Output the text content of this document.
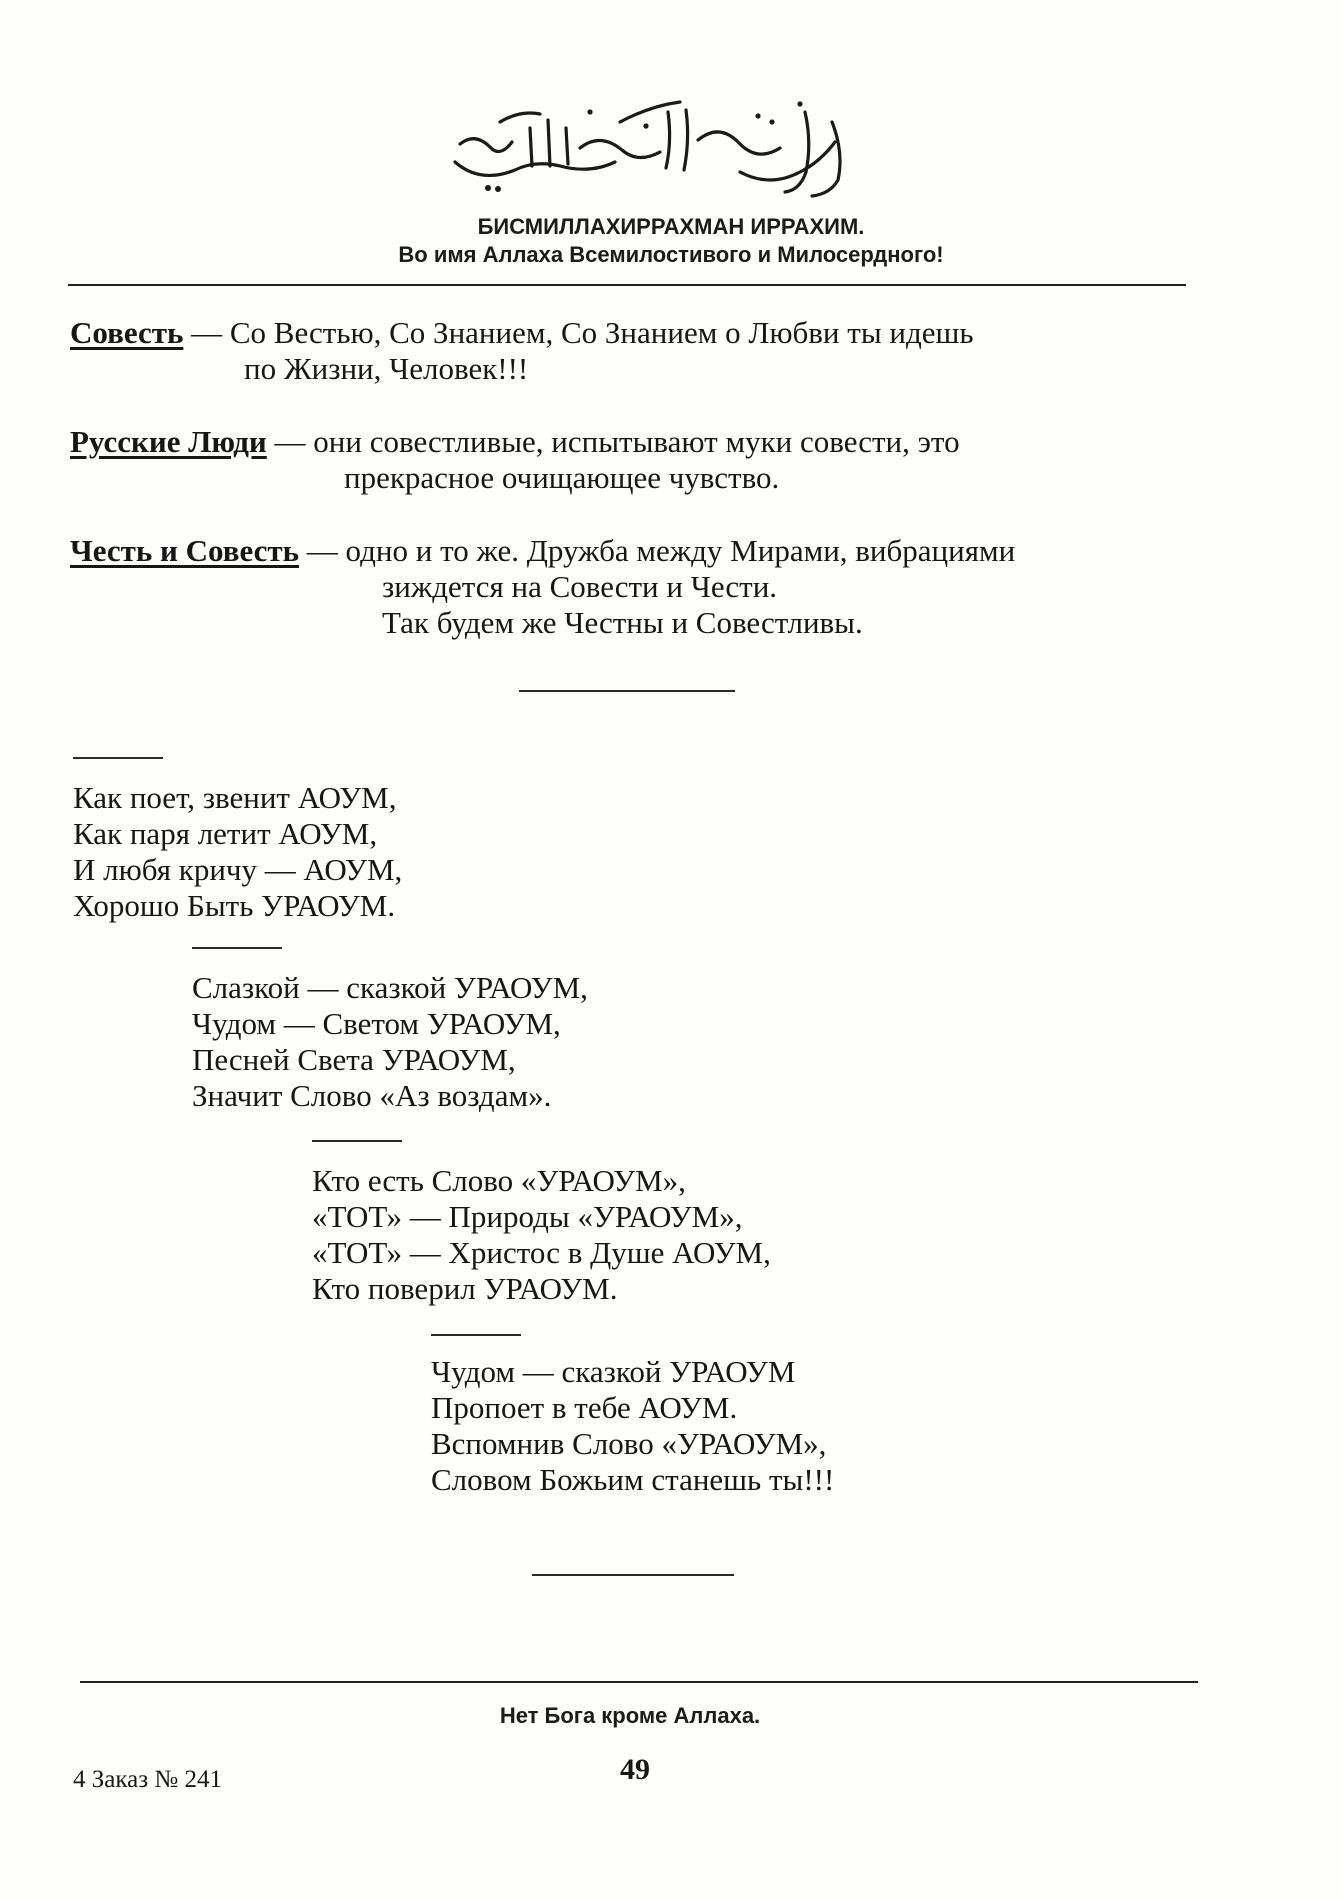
БИСМИЛЛАХИРРАХМАН ИРРАХИМ.
Во имя Аллаха Всемилостивого и Милосердного!
Совесть — Со Вестью, Со Знанием, Со Знанием о Любви ты идешь
по Жизни, Человек!!!
Русские Люди — они совестливые, испытывают муки совести, это
прекрасное очищающее чувство.
Честь и Совесть — одно и то же. Дружба между Мирами, вибрациями
зиждется на Совести и Чести.
Так будем же Честны и Совестливы.
Как поет, звенит АОУМ,
Как паря летит АОУМ,
И любя кричу — АОУМ,
Хорошо Быть УРАОУМ.
Слазкой — сказкой УРАОУМ,
Чудом — Светом УРАОУМ,
Песней Света УРАОУМ,
Значит Слово «Аз воздам».
Кто есть Слово «УРАОУМ»,
«ТОТ» — Природы «УРАОУМ»,
«ТОТ» — Христос в Душе АОУМ,
Кто поверил УРАОУМ.
Чудом — сказкой УРАОУМ
Пропоет в тебе АОУМ.
Вспомнив Слово «УРАОУМ»,
Словом Божьим станешь ты!!!
Нет Бога кроме Аллаха.
49
4 Заказ № 241
